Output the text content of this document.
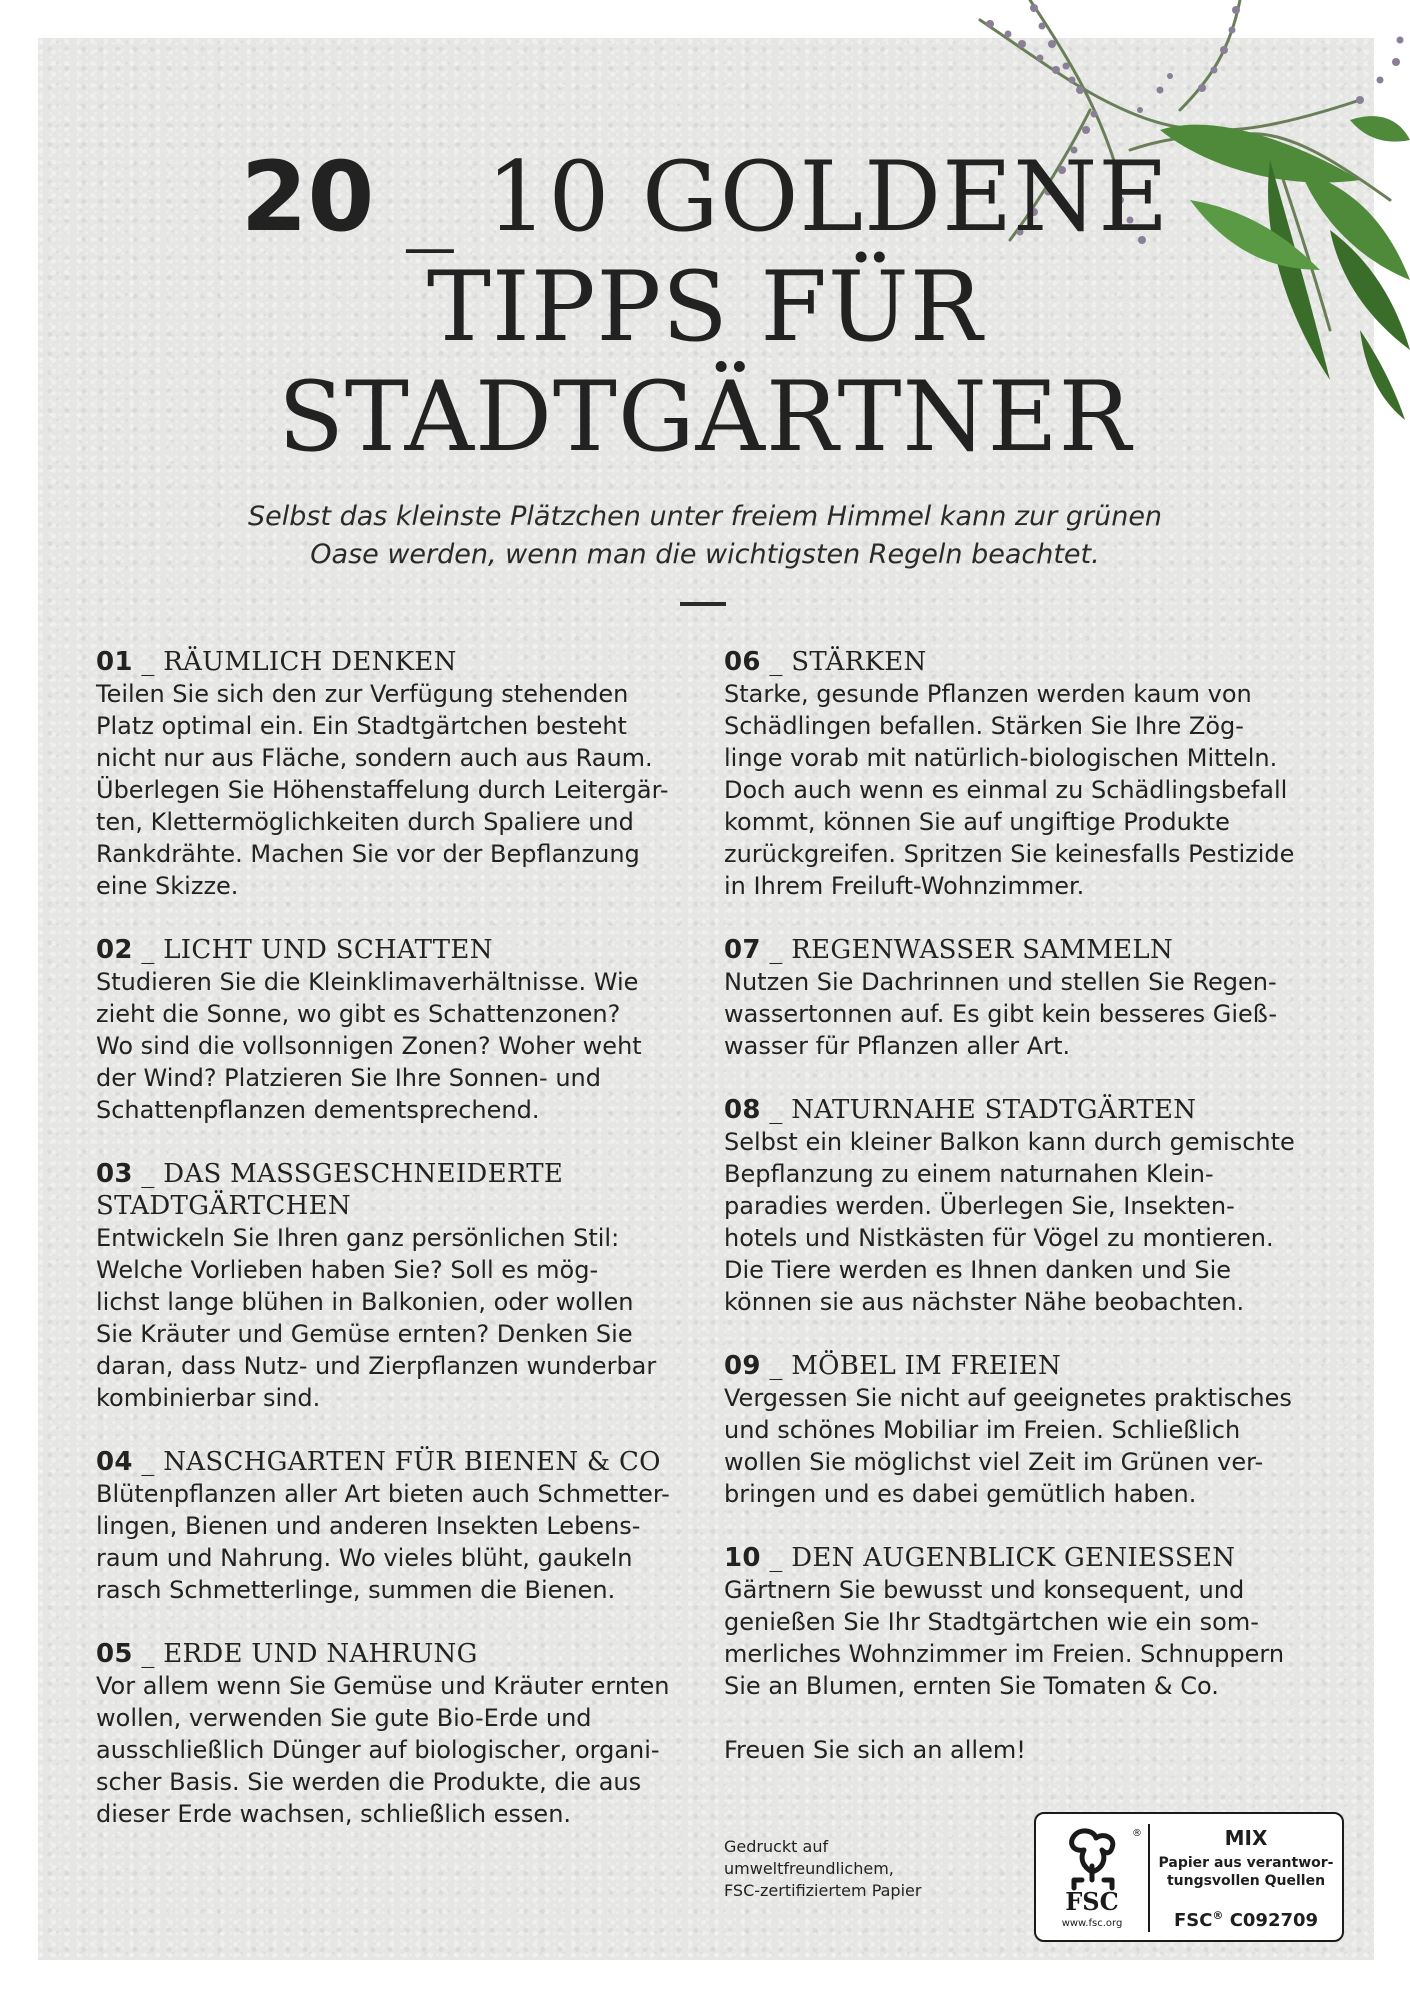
20 _ 10 GOLDENE
TIPPS FÜR
STADTGÄRTNER
Selbst das kleinste Plätzchen unter freiem Himmel kann zur grünen
Oase werden, wenn man die wichtigsten Regeln beachtet.
01 _ RÄUMLICH DENKEN
Teilen Sie sich den zur Verfügung stehenden
Platz optimal ein. Ein Stadtgärtchen besteht
nicht nur aus Fläche, sondern auch aus Raum.
Überlegen Sie Höhenstaffelung durch Leitergär-
ten, Klettermöglichkeiten durch Spaliere und
Rankdrähte. Machen Sie vor der Bepflanzung
eine Skizze.
02 _ LICHT UND SCHATTEN
Studieren Sie die Kleinklimaverhältnisse. Wie
zieht die Sonne, wo gibt es Schattenzonen?
Wo sind die vollsonnigen Zonen? Woher weht
der Wind? Platzieren Sie Ihre Sonnen- und
Schattenpflanzen dementsprechend.
03 _ DAS MASSGESCHNEIDERTE
STADTGÄRTCHEN
Entwickeln Sie Ihren ganz persönlichen Stil:
Welche Vorlieben haben Sie? Soll es mög-
lichst lange blühen in Balkonien, oder wollen
Sie Kräuter und Gemüse ernten? Denken Sie
daran, dass Nutz- und Zierpflanzen wunderbar
kombinierbar sind.
04 _ NASCHGARTEN FÜR BIENEN & CO
Blütenpflanzen aller Art bieten auch Schmetter-
lingen, Bienen und anderen Insekten Lebens-
raum und Nahrung. Wo vieles blüht, gaukeln
rasch Schmetterlinge, summen die Bienen.
05 _ ERDE UND NAHRUNG
Vor allem wenn Sie Gemüse und Kräuter ernten
wollen, verwenden Sie gute Bio-Erde und
ausschließlich Dünger auf biologischer, organi-
scher Basis. Sie werden die Produkte, die aus
dieser Erde wachsen, schließlich essen.
06 _ STÄRKEN
Starke, gesunde Pflanzen werden kaum von
Schädlingen befallen. Stärken Sie Ihre Zög-
linge vorab mit natürlich-biologischen Mitteln.
Doch auch wenn es einmal zu Schädlingsbefall
kommt, können Sie auf ungiftige Produkte
zurückgreifen. Spritzen Sie keinesfalls Pestizide
in Ihrem Freiluft-Wohnzimmer.
07 _ REGENWASSER SAMMELN
Nutzen Sie Dachrinnen und stellen Sie Regen-
wassertonnen auf. Es gibt kein besseres Gieß-
wasser für Pflanzen aller Art.
08 _ NATURNAHE STADTGÄRTEN
Selbst ein kleiner Balkon kann durch gemischte
Bepflanzung zu einem naturnahen Klein-
paradies werden. Überlegen Sie, Insekten-
hotels und Nistkästen für Vögel zu montieren.
Die Tiere werden es Ihnen danken und Sie
können sie aus nächster Nähe beobachten.
09 _ MÖBEL IM FREIEN
Vergessen Sie nicht auf geeignetes praktisches
und schönes Mobiliar im Freien. Schließlich
wollen Sie möglichst viel Zeit im Grünen ver-
bringen und es dabei gemütlich haben.
10 _ DEN AUGENBLICK GENIESSEN
Gärtnern Sie bewusst und konsequent, und
genießen Sie Ihr Stadtgärtchen wie ein som-
merliches Wohnzimmer im Freien. Schnuppern
Sie an Blumen, ernten Sie Tomaten & Co.
Freuen Sie sich an allem!
Gedruckt auf
umweltfreundlichem,
FSC-zertifiziertem Papier
®
FSC
www.fsc.org
MIX
Papier aus verantwor-
tungsvollen Quellen
FSC® C092709
